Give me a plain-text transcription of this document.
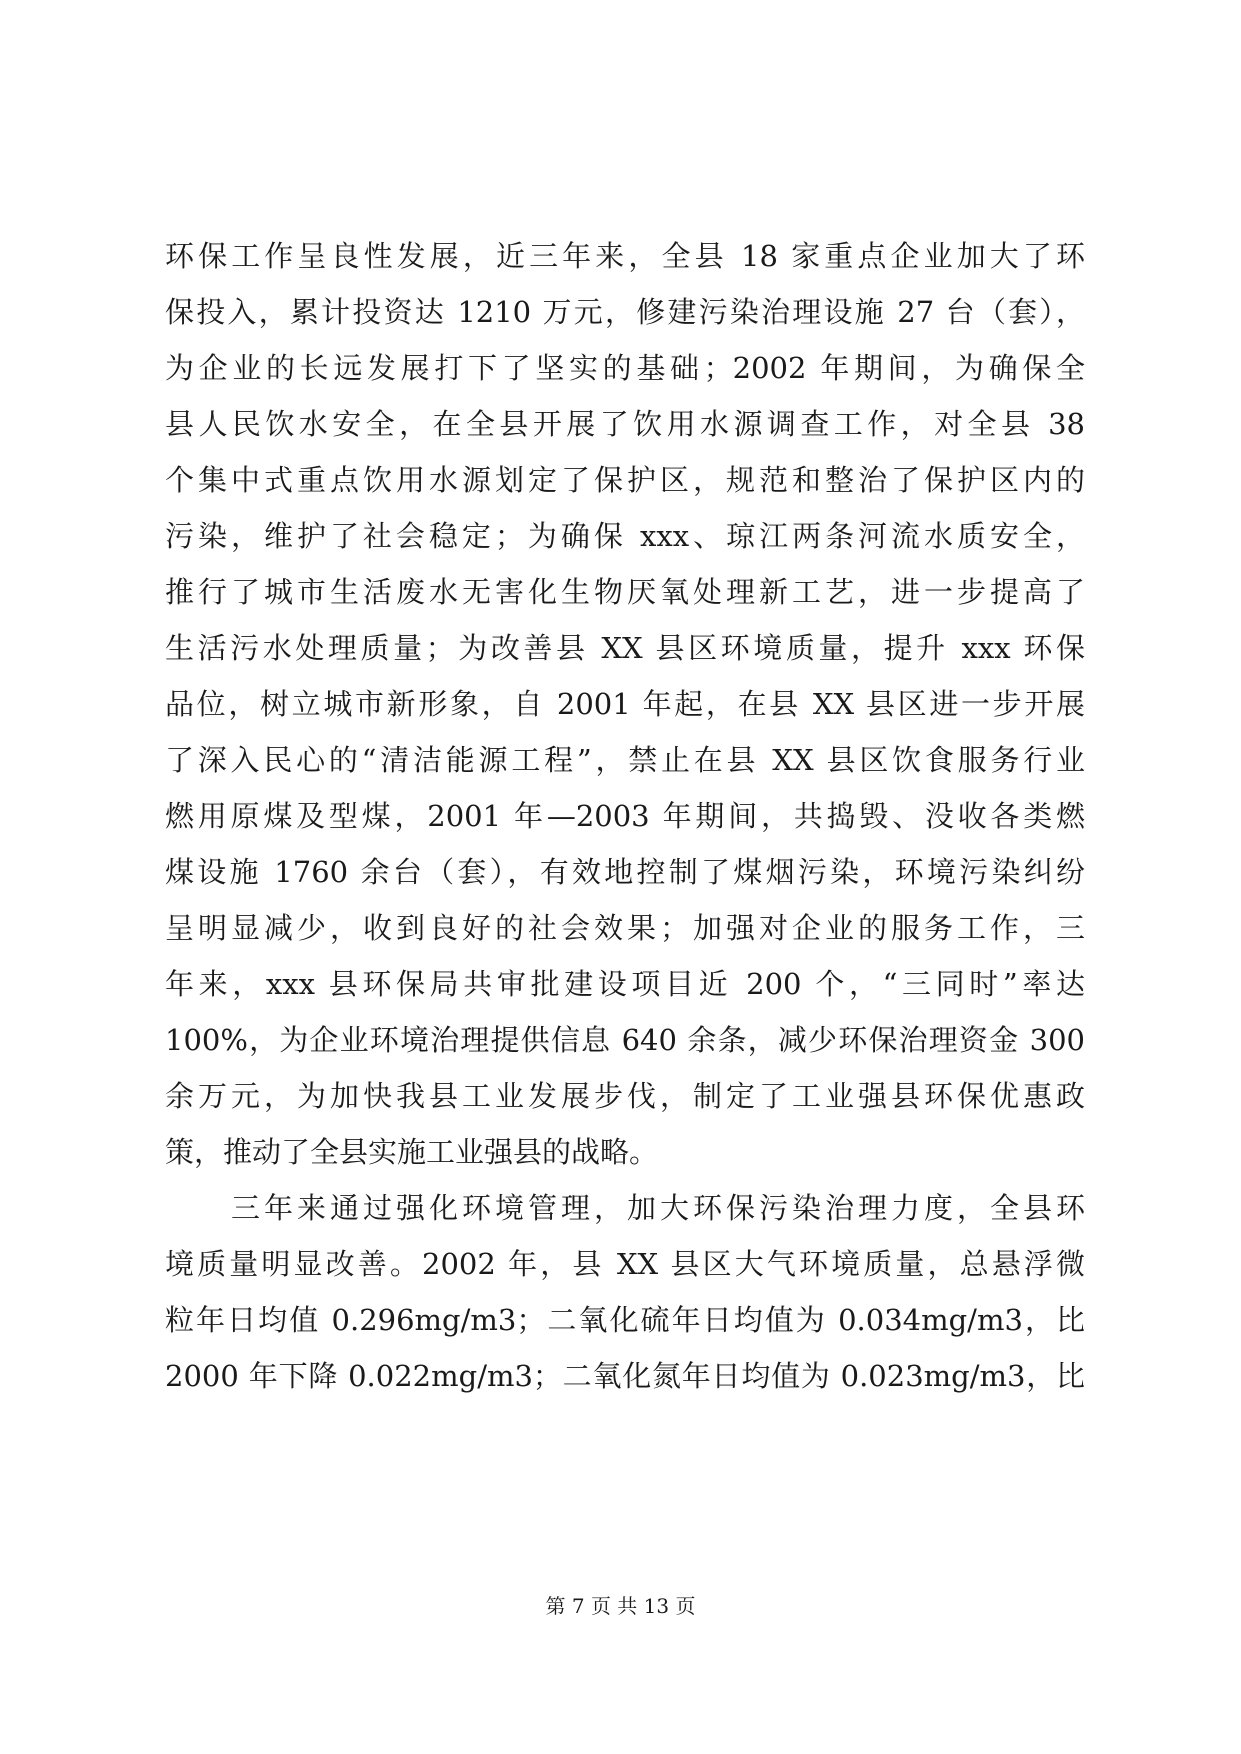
环保工作呈良性发展，近三年来，全县 18 家重点企业加大了环
保投入，累计投资达 1210 万元，修建污染治理设施 27 台（套），
为企业的长远发展打下了坚实的基础；2002 年期间，为确保全
县人民饮水安全，在全县开展了饮用水源调查工作，对全县 38
个集中式重点饮用水源划定了保护区，规范和整治了保护区内的
污染，维护了社会稳定；为确保 xxx、琼江两条河流水质安全，
推行了城市生活废水无害化生物厌氧处理新工艺，进一步提高了
生活污水处理质量；为改善县 XX 县区环境质量，提升 xxx 环保
品位，树立城市新形象，自 2001 年起，在县 XX 县区进一步开展
了深入民心的“清洁能源工程”，禁止在县 XX 县区饮食服务行业
燃用原煤及型煤，2001 年—2003 年期间，共捣毁、没收各类燃
煤设施 1760 余台（套），有效地控制了煤烟污染，环境污染纠纷
呈明显减少，收到良好的社会效果；加强对企业的服务工作，三
年来，xxx 县环保局共审批建设项目近 200 个，“三同时”率达
100%，为企业环境治理提供信息 640 余条，减少环保治理资金 300
余万元，为加快我县工业发展步伐，制定了工业强县环保优惠政
策，推动了全县实施工业强县的战略。
　　三年来通过强化环境管理，加大环保污染治理力度，全县环
境质量明显改善。2002 年，县 XX 县区大气环境质量，总悬浮微
粒年日均值 0.296mg/m3；二氧化硫年日均值为 0.034mg/m3，比
2000 年下降 0.022mg/m3；二氧化氮年日均值为 0.023mg/m3，比
第 7 页 共 13 页
